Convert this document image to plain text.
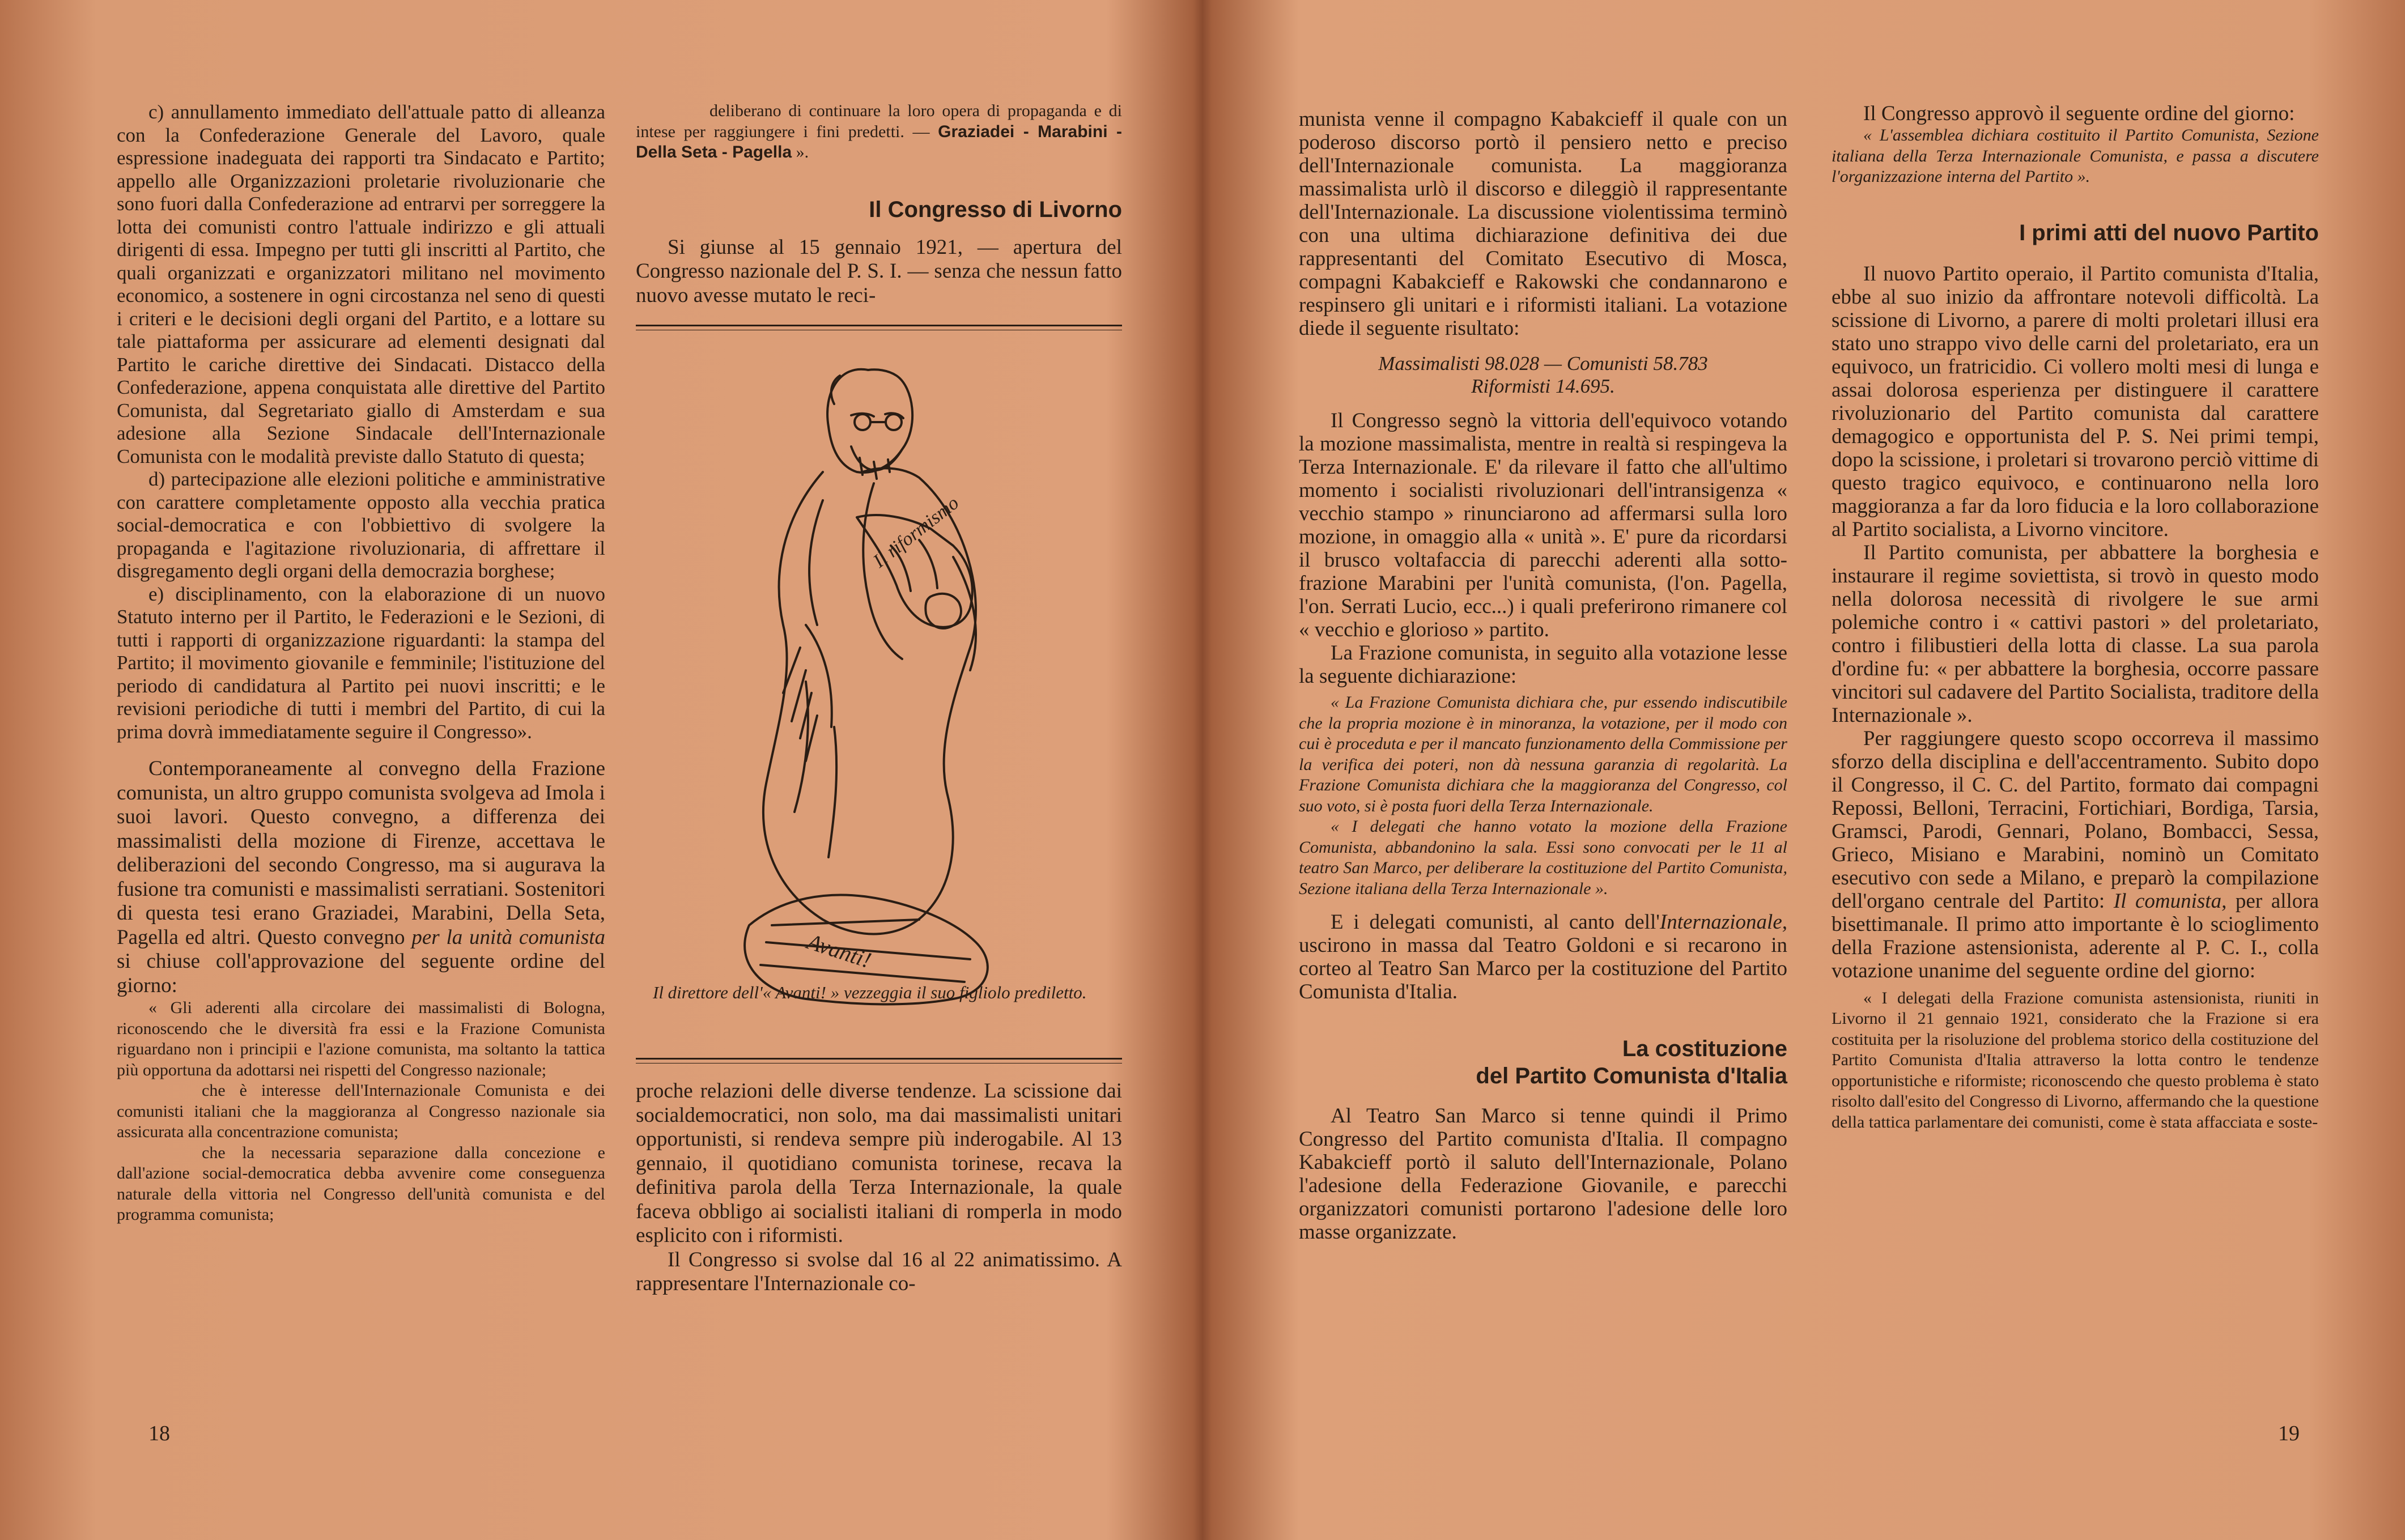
c) annullamento immediato dell'attuale patto di alleanza con la Confederazione Generale del Lavoro, quale espressione inadeguata dei rapporti tra Sindacato e Partito; appello alle Organizzazioni proletarie rivoluzionarie che sono fuori dalla Confederazione ad entrarvi per sorreggere la lotta dei comunisti contro l'attuale indirizzo e gli attuali dirigenti di essa. Impegno per tutti gli inscritti al Partito, che quali organizzati e organizzatori militano nel movimento economico, a sostenere in ogni circostanza nel seno di questi i criteri e le decisioni degli organi del Partito, e a lottare su tale piattaforma per assicurare ad elementi designati dal Partito le cariche direttive dei Sindacati. Distacco della Confederazione, appena conquistata alle direttive del Partito Comunista, dal Segretariato giallo di Amsterdam e sua adesione alla Sezione Sindacale dell'Internazionale Comunista con le modalità previste dallo Statuto di questa;

d) partecipazione alle elezioni politiche e amministrative con carattere completamente opposto alla vecchia pratica social-democratica e con l'obbiettivo di svolgere la propaganda e l'agitazione rivoluzionaria, di affrettare il disgregamento degli organi della democrazia borghese;

e) disciplinamento, con la elaborazione di un nuovo Statuto interno per il Partito, le Federazioni e le Sezioni, di tutti i rapporti di organizzazione riguardanti: la stampa del Partito; il movimento giovanile e femminile; l'istituzione del periodo di candidatura al Partito pei nuovi inscritti; e le revisioni periodiche di tutti i membri del Partito, di cui la prima dovrà immediatamente seguire il Congresso».

Contemporaneamente al convegno della Frazione comunista, un altro gruppo comunista svolgeva ad Imola i suoi lavori. Questo convegno, a differenza dei massimalisti della mozione di Firenze, accettava le deliberazioni del secondo Congresso, ma si augurava la fusione tra comunisti e massimalisti serratiani. Sostenitori di questa tesi erano Graziadei, Marabini, Della Seta, Pagella ed altri. Questo convegno per la unità comunista si chiuse coll'approvazione del seguente ordine del giorno:

« Gli aderenti alla circolare dei massimalisti di Bologna, riconoscendo che le diversità fra essi e la Frazione Comunista riguardano non i principii e l'azione comunista, ma soltanto la tattica più opportuna da adottarsi nei rispetti del Congresso nazionale;

che è interesse dell'Internazionale Comunista e dei comunisti italiani che la maggioranza al Congresso nazionale sia assicurata alla concentrazione comunista;

che la necessaria separazione dalla concezione e dall'azione social-democratica debba avvenire come conseguenza naturale della vittoria nel Congresso dell'unità comunista e del programma comunista;

deliberano di continuare la loro opera di propaganda e di intese per raggiungere i fini predetti. — Graziadei - Marabini - Della Seta - Pagella ».

Il Congresso di Livorno

Si giunse al 15 gennaio 1921, — apertura del Congresso nazionale del P. S. I. — senza che nessun fatto nuovo avesse mutato le reci-

Il riformismo
Avanti!

Il direttore dell'« Avanti! » vezzeggia il suo figliolo prediletto.

proche relazioni delle diverse tendenze. La scissione dai socialdemocratici, non solo, ma dai massimalisti unitari opportunisti, si rendeva sempre più inderogabile. Al 13 gennaio, il quotidiano comunista torinese, recava la definitiva parola della Terza Internazionale, la quale faceva obbligo ai socialisti italiani di romperla in modo esplicito con i riformisti.

Il Congresso si svolse dal 16 al 22 animatissimo. A rappresentare l'Internazionale co-

18

munista venne il compagno Kabakcieff il quale con un poderoso discorso portò il pensiero netto e preciso dell'Internazionale comunista. La maggioranza massimalista urlò il discorso e dileggiò il rappresentante dell'Internazionale. La discussione violentissima terminò con una ultima dichiarazione definitiva dei due rappresentanti del Comitato Esecutivo di Mosca, compagni Kabakcieff e Rakowski che condannarono e respinsero gli unitari e i riformisti italiani. La votazione diede il seguente risultato:

Massimalisti 98.028 — Comunisti 58.783

Riformisti 14.695.

Il Congresso segnò la vittoria dell'equivoco votando la mozione massimalista, mentre in realtà si respingeva la Terza Internazionale. E' da rilevare il fatto che all'ultimo momento i socialisti rivoluzionari dell'intransigenza « vecchio stampo » rinunciarono ad affermarsi sulla loro mozione, in omaggio alla « unità ». E' pure da ricordarsi il brusco voltafaccia di parecchi aderenti alla sotto-frazione Marabini per l'unità comunista, (l'on. Pagella, l'on. Serrati Lucio, ecc...) i quali preferirono rimanere col « vecchio e glorioso » partito.

La Frazione comunista, in seguito alla votazione lesse la seguente dichiarazione:

« La Frazione Comunista dichiara che, pur essendo indiscutibile che la propria mozione è in minoranza, la votazione, per il modo con cui è proceduta e per il mancato funzionamento della Commissione per la verifica dei poteri, non dà nessuna garanzia di regolarità. La Frazione Comunista dichiara che la maggioranza del Congresso, col suo voto, si è posta fuori della Terza Internazionale.

« I delegati che hanno votato la mozione della Frazione Comunista, abbandonino la sala. Essi sono convocati per le 11 al teatro San Marco, per deliberare la costituzione del Partito Comunista, Sezione italiana della Terza Internazionale ».

E i delegati comunisti, al canto dell'Internazionale, uscirono in massa dal Teatro Goldoni e si recarono in corteo al Teatro San Marco per la costituzione del Partito Comunista d'Italia.

La costituzione
del Partito Comunista d'Italia

Al Teatro San Marco si tenne quindi il Primo Congresso del Partito comunista d'Italia. Il compagno Kabakcieff portò il saluto dell'Internazionale, Polano l'adesione della Federazione Giovanile, e parecchi organizzatori comunisti portarono l'adesione delle loro masse organizzate.

Il Congresso approvò il seguente ordine del giorno:

« L'assemblea dichiara costituito il Partito Comunista, Sezione italiana della Terza Internazionale Comunista, e passa a discutere l'organizzazione interna del Partito ».

I primi atti del nuovo Partito

Il nuovo Partito operaio, il Partito comunista d'Italia, ebbe al suo inizio da affrontare notevoli difficoltà. La scissione di Livorno, a parere di molti proletari illusi era stato uno strappo vivo delle carni del proletariato, era un equivoco, un fratricidio. Ci vollero molti mesi di lunga e assai dolorosa esperienza per distinguere il carattere rivoluzionario del Partito comunista dal carattere demagogico e opportunista del P. S. Nei primi tempi, dopo la scissione, i proletari si trovarono perciò vittime di questo tragico equivoco, e continuarono nella loro maggioranza a far da loro fiducia e la loro collaborazione al Partito socialista, a Livorno vincitore.

Il Partito comunista, per abbattere la borghesia e instaurare il regime soviettista, si trovò in questo modo nella dolorosa necessità di rivolgere le sue armi polemiche contro i « cattivi pastori » del proletariato, contro i filibustieri della lotta di classe. La sua parola d'ordine fu: « per abbattere la borghesia, occorre passare vincitori sul cadavere del Partito Socialista, traditore della Internazionale ».

Per raggiungere questo scopo occorreva il massimo sforzo della disciplina e dell'accentramento. Subito dopo il Congresso, il C. C. del Partito, formato dai compagni Repossi, Belloni, Terracini, Fortichiari, Bordiga, Tarsia, Gramsci, Parodi, Gennari, Polano, Bombacci, Sessa, Grieco, Misiano e Marabini, nominò un Comitato esecutivo con sede a Milano, e preparò la compilazione dell'organo centrale del Partito: Il comunista, per allora bisettimanale. Il primo atto importante è lo scioglimento della Frazione astensionista, aderente al P. C. I., colla votazione unanime del seguente ordine del giorno:

« I delegati della Frazione comunista astensionista, riuniti in Livorno il 21 gennaio 1921, considerato che la Frazione si era costituita per la risoluzione del problema storico della costituzione del Partito Comunista d'Italia attraverso la lotta contro le tendenze opportunistiche e riformiste; riconoscendo che questo problema è stato risolto dall'esito del Congresso di Livorno, affermando che la questione della tattica parlamentare dei comunisti, come è stata affacciata e soste-

19
